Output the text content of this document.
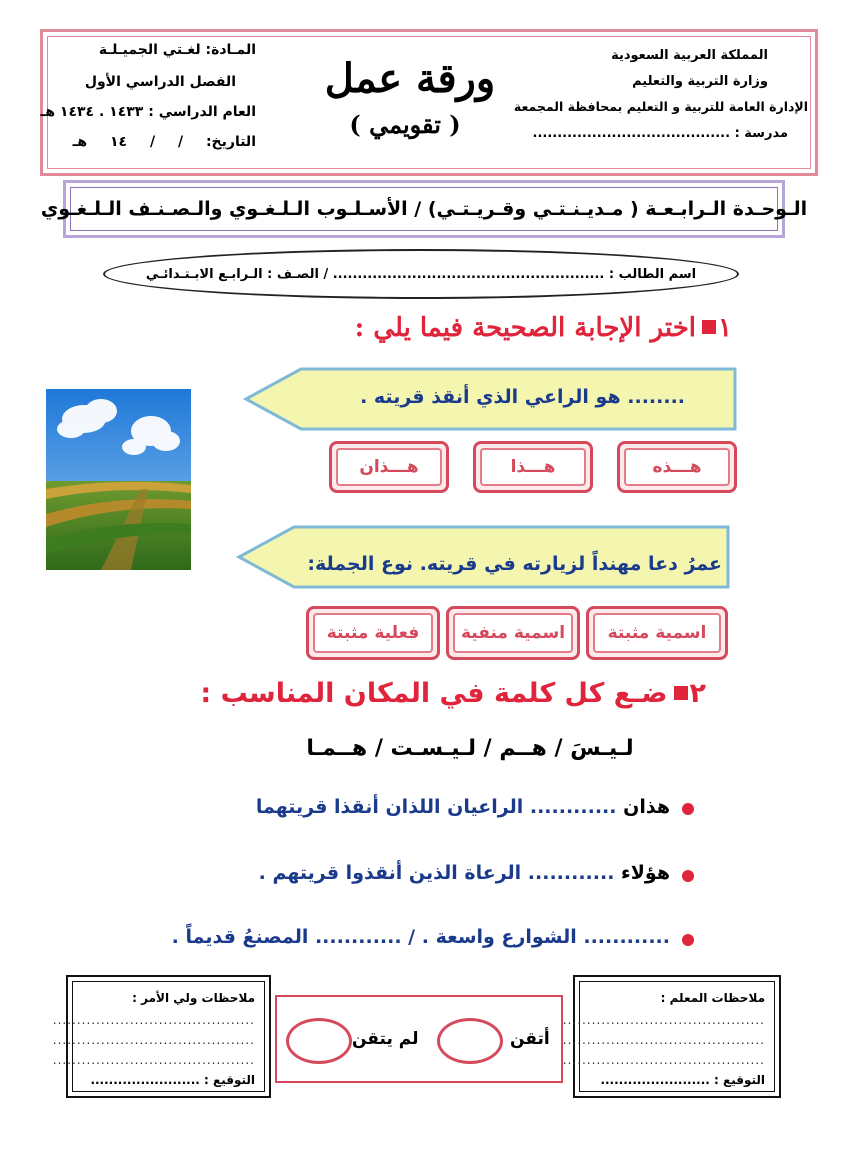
المملكة العربية السعودية
وزارة التربية والتعليم
الإدارة العامة للتربية و التعليم بمحافظة المجمعة
مدرسة : ........................................
ورقة عمل
( تقويمي )
المـادة: لغـتي الجميـلـة
الفصل الدراسي الأول
العام الدراسي : ١٤٣٣ . ١٤٣٤ هـ
التاريخ: / / ١٤ هـ
الـوحـدة الـرابـعـة ( مـديـنـتـي وقـريـتـي) / الأسـلـوب الـلـغـوي والـصـنـف الـلـغـوي
اسم الطالب : ....................................................... / الصـف : الـرابـع الابـتـدائـي
١اختر الإجابة الصحيحة فيما يلي :
........ هو الراعي الذي أنقذ قريته .
هـــذه
هـــذا
هـــذان
عمرُ دعا مهنداً لزيارته في قريته. نوع الجملة:
اسمية مثبتة
اسمية منفية
فعلية مثبتة
٢ضـع كل كلمة في المكان المناسب :
لـيـسَ / هــم / لـيـسـت / هــمـا
هذان ............ الراعيان اللذان أنقذا قريتهما
هؤلاء ............ الرعاة الذين أنقذوا قريتهم .
............ الشوارع واسعة . / ............ المصنعُ قديماً .
ملاحظات المعلم :
..........................................
..........................................
..........................................
التوقيع : ........................
أتقن
لم يتقن
ملاحظات ولي الأمر :
..........................................
..........................................
..........................................
التوقيع : ........................
